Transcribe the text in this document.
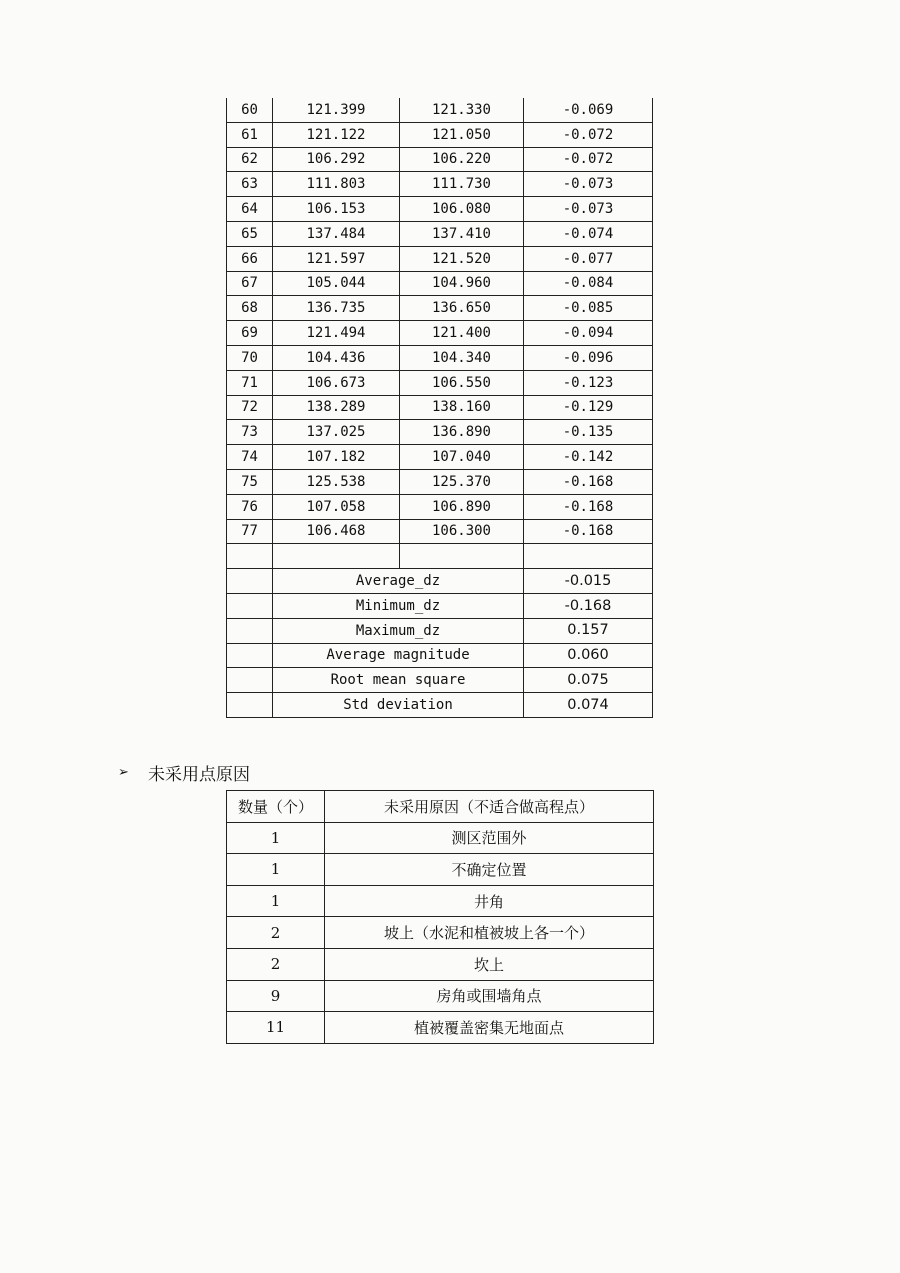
60	121.399	121.330	-0.069
61	121.122	121.050	-0.072
62	106.292	106.220	-0.072
63	111.803	111.730	-0.073
64	106.153	106.080	-0.073
65	137.484	137.410	-0.074
66	121.597	121.520	-0.077
67	105.044	104.960	-0.084
68	136.735	136.650	-0.085
69	121.494	121.400	-0.094
70	104.436	104.340	-0.096
71	106.673	106.550	-0.123
72	138.289	138.160	-0.129
73	137.025	136.890	-0.135
74	107.182	107.040	-0.142
75	125.538	125.370	-0.168
76	107.058	106.890	-0.168
77	106.468	106.300	-0.168

	Average_dz		-0.015
	Minimum_dz		-0.168
	Maximum_dz		0.157
	Average magnitude		0.060
	Root mean square		0.075
	Std deviation		0.074
➢	未采用点原因
数量（个）	未采用原因（不适合做高程点）
1	测区范围外
1	不确定位置
1	井角
2	坡上（水泥和植被坡上各一个）
2	坎上
9	房角或围墙角点
11	植被覆盖密集无地面点
